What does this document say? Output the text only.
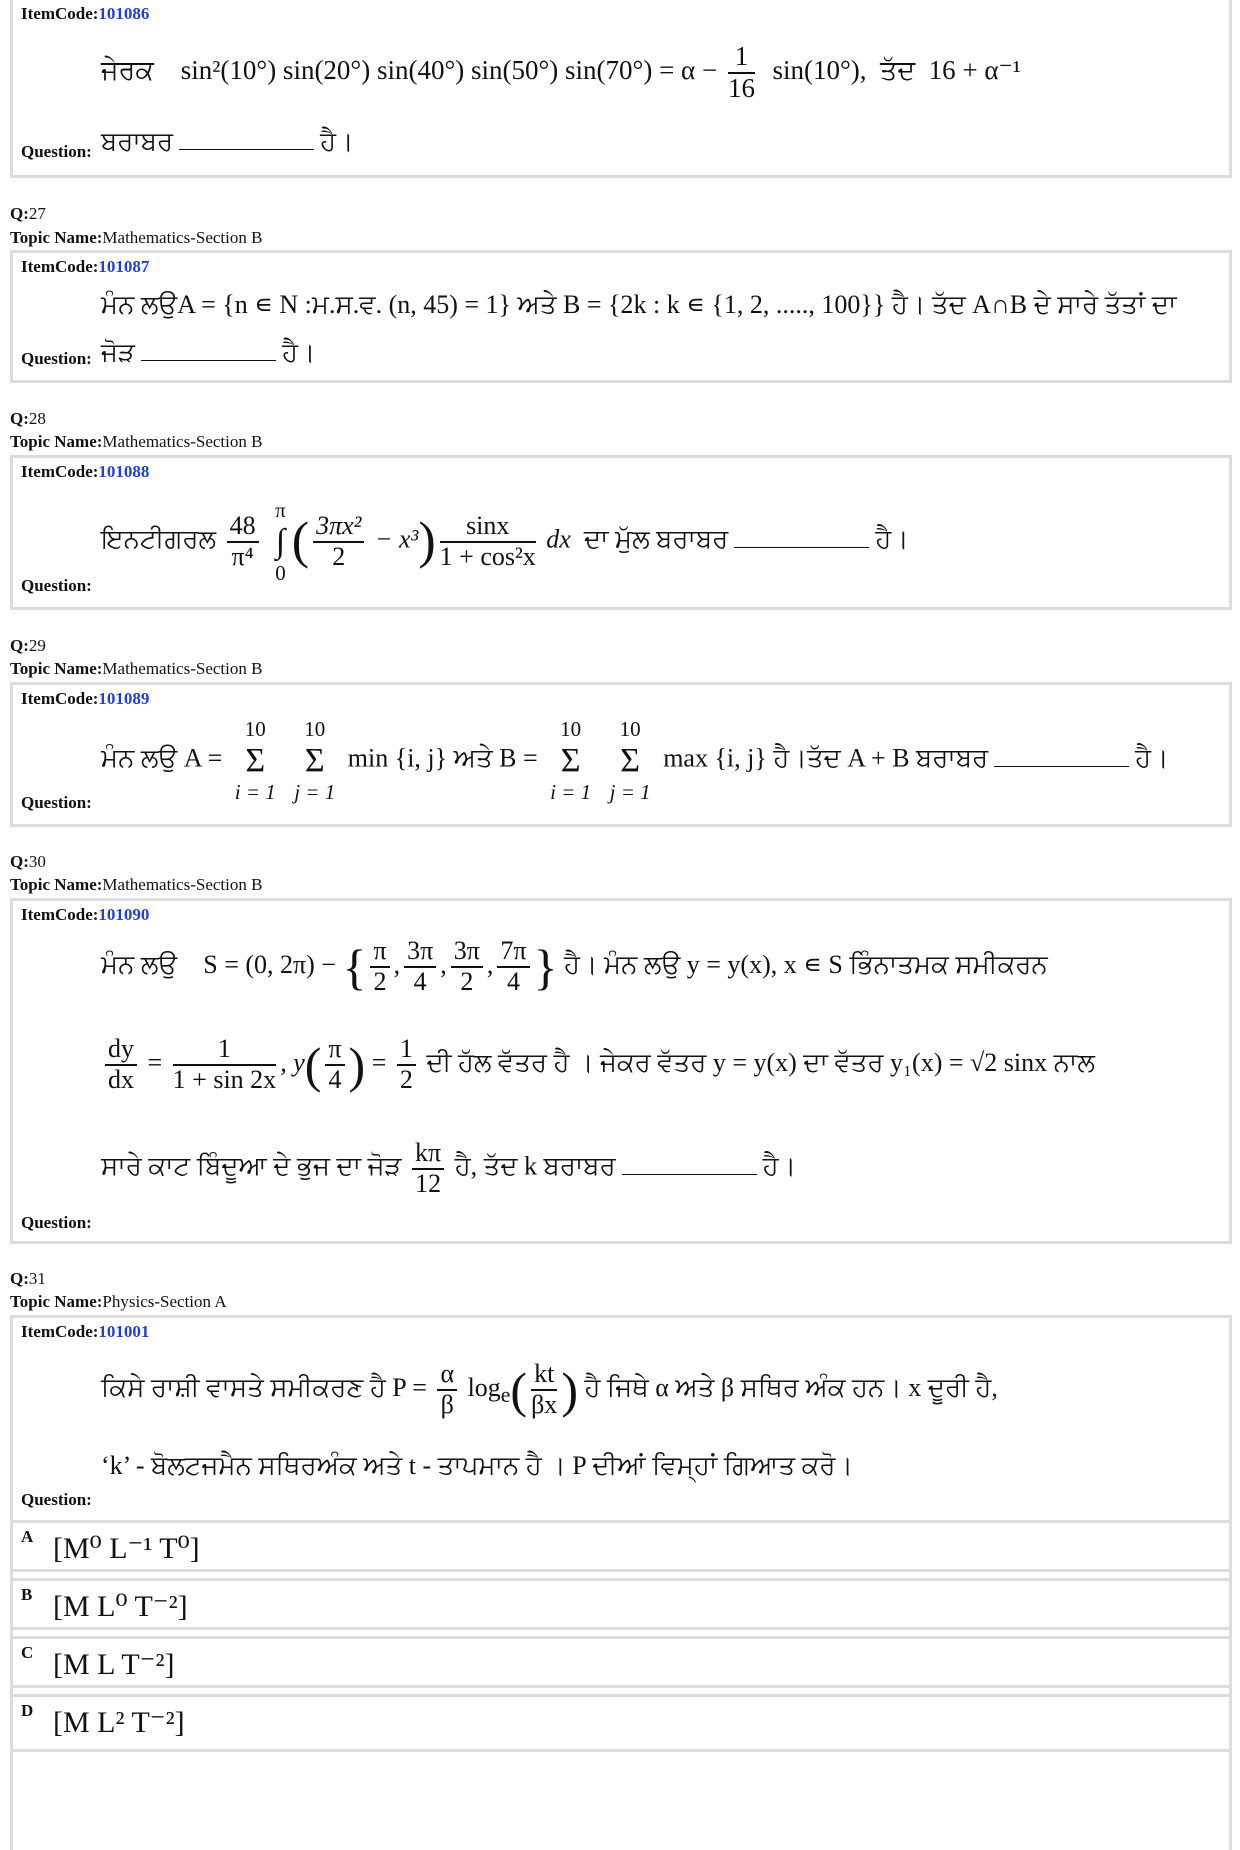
ItemCode:101086
ਜੇਰਕ sin²(10°) sin(20°) sin(40°) sin(50°) $\sin(70^\circ) = \alpha - \frac{1}{16} \sin(10^\circ)$, ਤੱਦ 16 + α⁻¹
Question: ਬਰਾਬਰ	ਹੈ।
Q:27
Topic Name:Mathematics-Section B
ItemCode:101087
ਮੰਨ ਲਉA = {n ∊ N :ਮ.ਸ.ਵ. (n, 45) = 1} ਅਤੇ B = {2k : k ∊ {1, 2, ....., 100}} ਹੈ। ਤੱਦ A∩B ਦੇ ਸਾਰੇ ਤੱਤਾਂ ਦਾ
ਜੋੜ	ਹੈ।
Question:
Q:28
Topic Name:Mathematics-Section B
ItemCode:101088
ਇਨਟੀਗਰਲ $\frac{48}{\text{π⁴}}$

π
∫
0
( $\frac{\text{3πx²}}{2} - x^3) \frac{\sin x}{\text{1 + cos²x}}$ dx ਦਾ ਮੁੱਲ ਬਰਾਬਰ	ਹੈ।
Question:
Q:29
Topic Name:Mathematics-Section B
ItemCode:101089
ਮੰਨ ਲਉ A =
10
Σ
i = 1

10
Σ
j = 1
min {i, j} ਅਤੇ B =
10
Σ
i = 1

10
Σ
j = 1
max {i, j} ਹੈ।ਤੱਦ A + B ਬਰਾਬਰ	ਹੈ।
Question:
Q:30
Topic Name:Mathematics-Section B
ItemCode:101090
ਮੰਨ ਲਉ S = (0, 2π) − { $\frac{\pi}{2}$ , $\frac{3\pi}{4}$ , $\frac{3\pi}{2}$ , $\frac{7\pi}{4}$ } ਹੈ। ਮੰਨ ਲਉ y = y(x), x ∊ S ਭਿੰਨਾਤਮਕ ਸਮੀਕਰਨ
$\frac{dy}{dx} = \frac{1}{1 + \sin 2x}$ , $y( \frac{\pi}{4}$ ) = $\frac{1}{2}$ ਦੀ ਹੱਲ ਵੱਤਰ ਹੈ । ਜੇਕਰ ਵੱਤਰ y = y(x) ਦਾ ਵੱਤਰ y₁(x) = √2 sinx ਨਾਲ
ਸਾਰੇ ਕਾਟ ਬਿੰਦੂਆ ਦੇ ਭੁਜ ਦਾ ਜੋੜ $\frac{k\pi}{12}$ ਹੈ, ਤੱਦ k ਬਰਾਬਰ	ਹੈ।
Question:
Q:31
Topic Name:Physics-Section A
ItemCode:101001
ਕਿਸੇ ਰਾਸ਼ੀ ਵਾਸਤੇ ਸਮੀਕਰਣ ਹੈ $P = \frac{\alpha}{\beta} \log_e( \frac{kt}{\beta x}$ ) ਹੈ ਜਿਥੇ α ਅਤੇ β ਸਥਿਰ ਅੰਕ ਹਨ। x ਦੂਰੀ ਹੈ,
‘k’ - ਬੋਲਟਜਮੈਨ ਸਥਿਰਅੰਕ ਅਤੇ t - ਤਾਪਮਾਨ ਹੈ । P ਦੀਆਂ ਵਿਮ੍ਹਾਂ ਗਿਆਤ ਕਰੋ।
Question:
A [M⁰ L⁻¹ T⁰]
B [M L⁰ T⁻²]
C [M L T⁻²]
D [M L² T⁻²]
